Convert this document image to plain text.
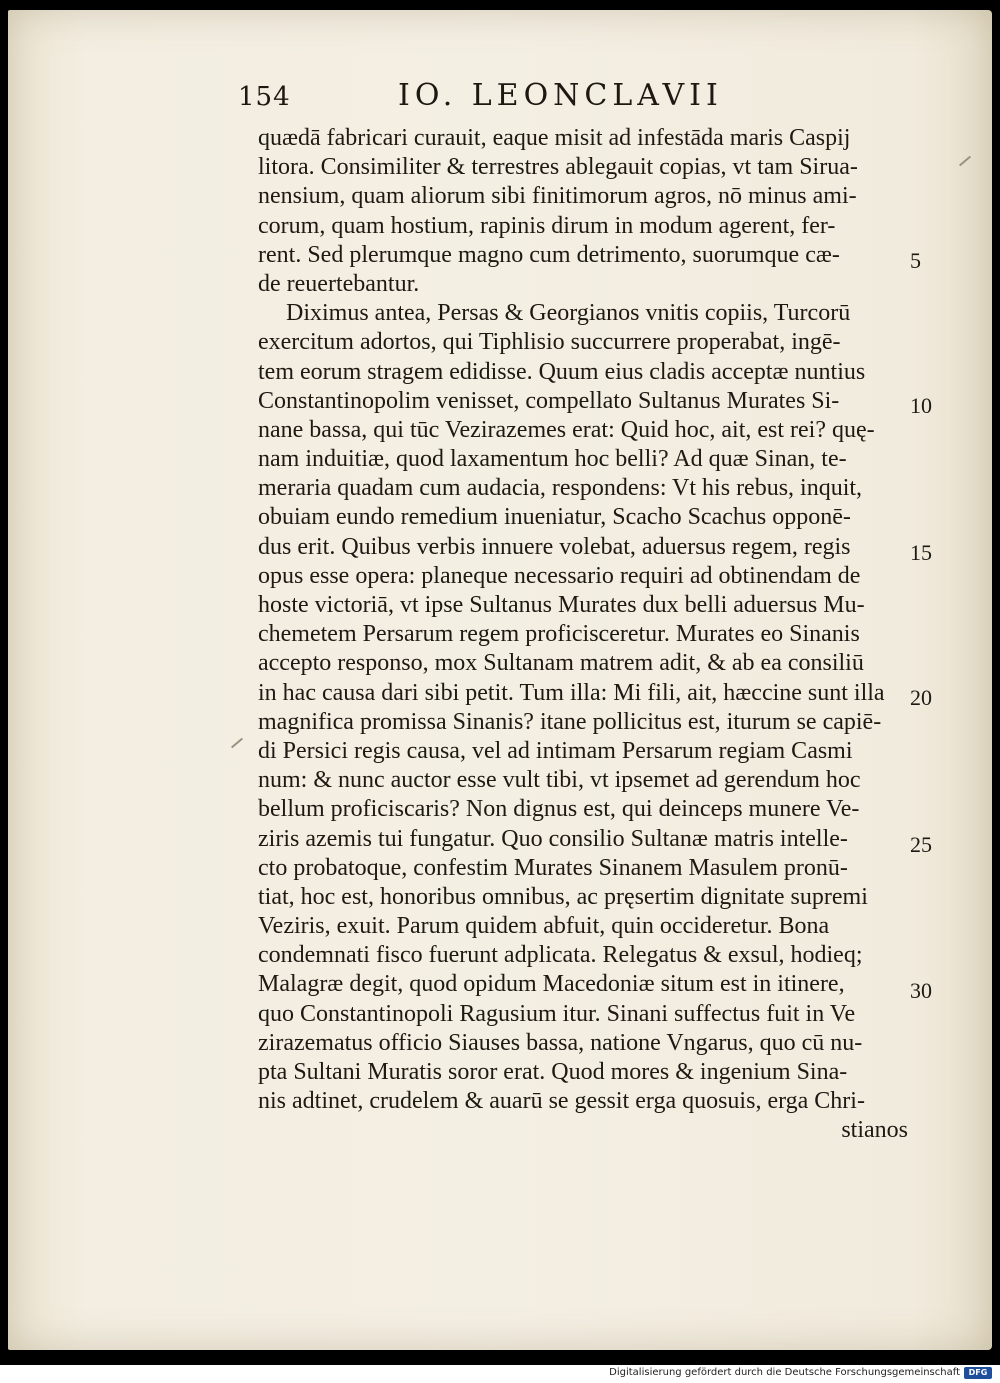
154	IO. LEONCLAVII
quædā fabricari curauit, eaque misit ad infestāda maris Caspij
litora. Consimiliter & terrestres ablegauit copias, vt tam Sirua-
nensium, quam aliorum sibi finitimorum agros, nō minus ami-
corum, quam hostium, rapinis dirum in modum agerent, fer-
rent. Sed plerumque magno cum detrimento, suorumque cæ-
de reuertebantur.
Diximus antea, Persas & Georgianos vnitis copiis, Turcorū
exercitum adortos, qui Tiphlisio succurrere properabat, ingē-
tem eorum stragem edidisse. Quum eius cladis acceptæ nuntius
Constantinopolim venisset, compellato Sultanus Murates Si-
nane bassa, qui tūc Vezirazemes erat: Quid hoc, ait, est rei? quę-
nam induitiæ, quod laxamentum hoc belli? Ad quæ Sinan, te-
meraria quadam cum audacia, respondens: Vt his rebus, inquit,
obuiam eundo remedium inueniatur, Scacho Scachus opponē-
dus erit. Quibus verbis innuere volebat, aduersus regem, regis
opus esse opera: planeque necessario requiri ad obtinendam de
hoste victoriā, vt ipse Sultanus Murates dux belli aduersus Mu-
chemetem Persarum regem proficisceretur. Murates eo Sinanis
accepto responso, mox Sultanam matrem adit, & ab ea consiliū
in hac causa dari sibi petit. Tum illa: Mi fili, ait, hæccine sunt illa
magnifica promissa Sinanis? itane pollicitus est, iturum se capiē-
di Persici regis causa, vel ad intimam Persarum regiam Casmi
num: & nunc auctor esse vult tibi, vt ipsemet ad gerendum hoc
bellum proficiscaris? Non dignus est, qui deinceps munere Ve-
ziris azemis tui fungatur. Quo consilio Sultanæ matris intelle-
cto probatoque, confestim Murates Sinanem Masulem pronū-
tiat, hoc est, honoribus omnibus, ac pręsertim dignitate supremi
Veziris, exuit. Parum quidem abfuit, quin occideretur. Bona
condemnati fisco fuerunt adplicata. Relegatus & exsul, hodieq;
Malagræ degit, quod opidum Macedoniæ situm est in itinere,
quo Constantinopoli Ragusium itur. Sinani suffectus fuit in Ve
zirazematus officio Siauses bassa, natione Vngarus, quo cū nu-
pta Sultani Muratis soror erat. Quod mores & ingenium Sina-
nis adtinet, crudelem & auarū se gessit erga quosuis, erga Chri-
stianos
5
10
15
20
25
30
Digitalisierung gefördert durch die Deutsche Forschungsgemeinschaft	DFG
